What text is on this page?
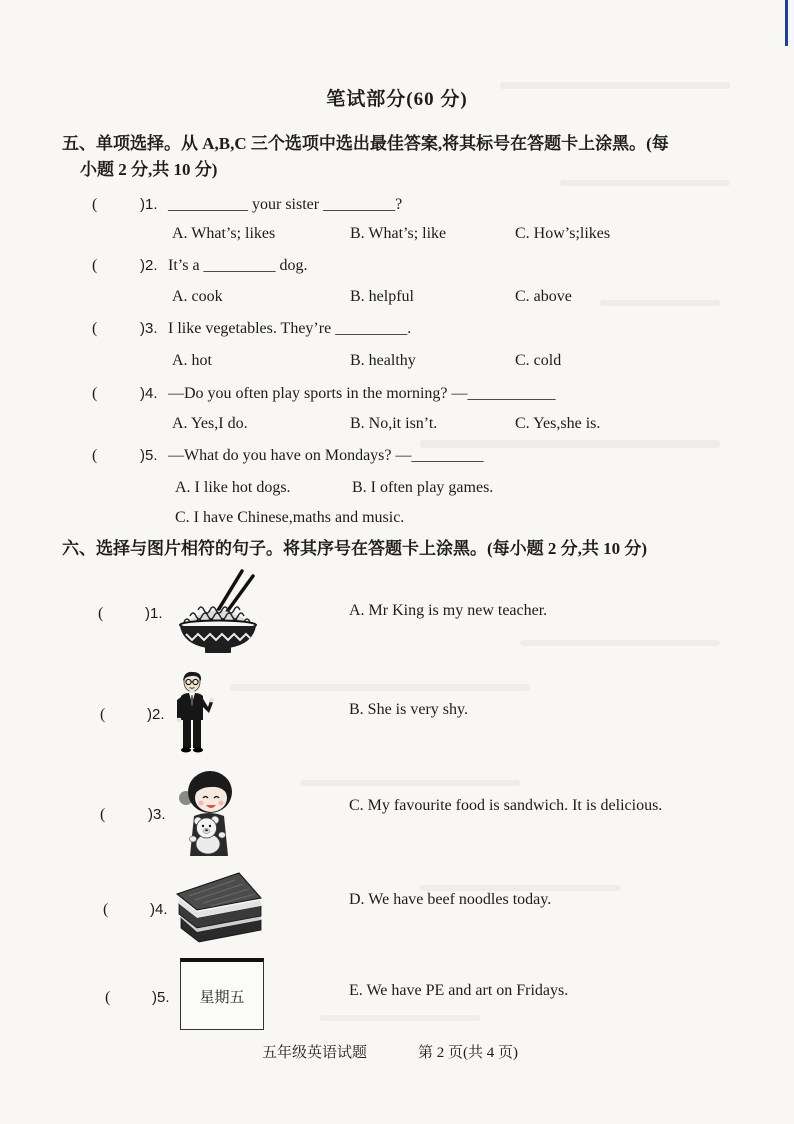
笔试部分(60 分)
五、单项选择。从 A,B,C 三个选项中选出最佳答案,将其标号在答题卡上涂黑。(每
小题 2 分,共 10 分)
(	)1. __________ your sister _________?
A. What’s; likes	B. What’s; like	C. How’s;likes
(	)2. It’s a _________ dog.
A. cook	B. helpful	C. above
(	)3. I like vegetables. They’re _________.
A. hot	B. healthy	C. cold
(	)4. —Do you often play sports in the morning? —___________
A. Yes,I do.	B. No,it isn’t.	C. Yes,she is.
(	)5. —What do you have on Mondays? —_________
A. I like hot dogs.	B. I often play games.
C. I have Chinese,maths and music.
六、选择与图片相符的句子。将其序号在答题卡上涂黑。(每小题 2 分,共 10 分)
(	)1.	A. Mr King is my new teacher.
(	)2.	B. She is very shy.
(	)3.
C. My favourite food is sandwich. It is delicious.
(	)4.
D. We have beef noodles today.
(	)5.	星期五	E. We have PE and art on Fridays.
五年级英语试题	第 2 页(共 4 页)
